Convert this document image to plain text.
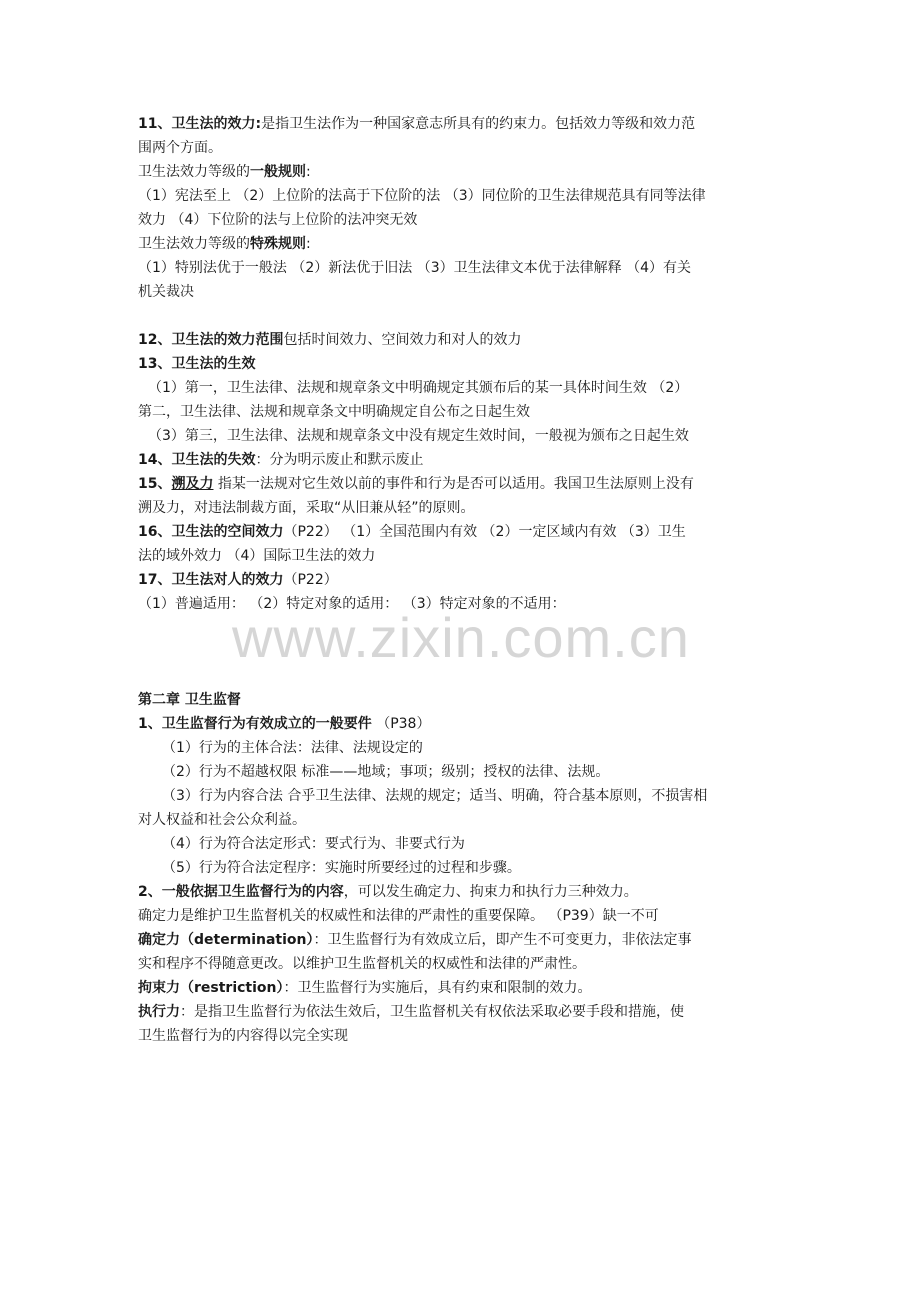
11、卫生法的效力:是指卫生法作为一种国家意志所具有的约束力。包括效力等级和效力范
围两个方面。
卫生法效力等级的一般规则:
（1）宪法至上 （2）上位阶的法高于下位阶的法 （3）同位阶的卫生法律规范具有同等法律
效力 （4）下位阶的法与上位阶的法冲突无效
卫生法效力等级的特殊规则:
（1）特别法优于一般法 （2）新法优于旧法 （3）卫生法律文本优于法律解释 （4）有关
机关裁决
12、卫生法的效力范围包括时间效力、空间效力和对人的效力
13、卫生法的生效
（1）第一，卫生法律、法规和规章条文中明确规定其颁布后的某一具体时间生效 （2）
第二，卫生法律、法规和规章条文中明确规定自公布之日起生效
（3）第三，卫生法律、法规和规章条文中没有规定生效时间，一般视为颁布之日起生效
14、卫生法的失效：分为明示废止和默示废止
15、溯及力 指某一法规对它生效以前的事件和行为是否可以适用。我国卫生法原则上没有
溯及力，对违法制裁方面，采取“从旧兼从轻”的原则。
16、卫生法的空间效力（P22） （1）全国范围内有效 （2）一定区域内有效 （3）卫生
法的域外效力 （4）国际卫生法的效力
17、卫生法对人的效力（P22）
（1）普遍适用： （2）特定对象的适用： （3）特定对象的不适用：
www.zixin.com.cn
第二章 卫生监督
1、卫生监督行为有效成立的一般要件 （P38）
（1）行为的主体合法：法律、法规设定的
（2）行为不超越权限 标准——地域；事项；级别；授权的法律、法规。
（3）行为内容合法 合乎卫生法律、法规的规定；适当、明确，符合基本原则，不损害相
对人权益和社会公众利益。
（4）行为符合法定形式：要式行为、非要式行为
（5）行为符合法定程序：实施时所要经过的过程和步骤。
2、一般依据卫生监督行为的内容，可以发生确定力、拘束力和执行力三种效力。
确定力是维护卫生监督机关的权威性和法律的严肃性的重要保障。 （P39）缺一不可
确定力（determination）：卫生监督行为有效成立后，即产生不可变更力，非依法定事
实和程序不得随意更改。以维护卫生监督机关的权威性和法律的严肃性。
拘束力（restriction）：卫生监督行为实施后，具有约束和限制的效力。
执行力：是指卫生监督行为依法生效后，卫生监督机关有权依法采取必要手段和措施，使
卫生监督行为的内容得以完全实现
